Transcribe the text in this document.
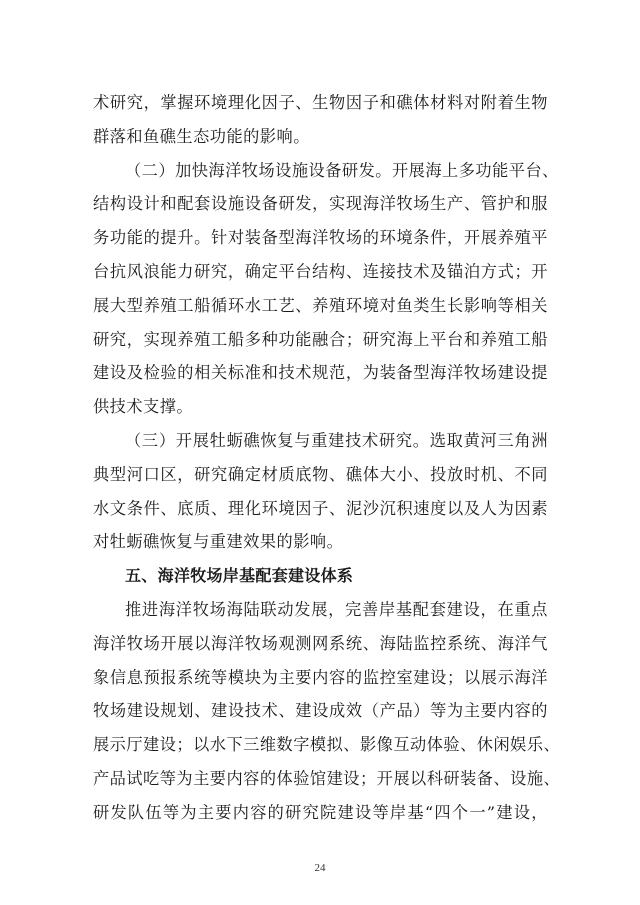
术研究，掌握环境理化因子、生物因子和礁体材料对附着生物
群落和鱼礁生态功能的影响。
（二）加快海洋牧场设施设备研发。开展海上多功能平台、
结构设计和配套设施设备研发，实现海洋牧场生产、管护和服
务功能的提升。针对装备型海洋牧场的环境条件，开展养殖平
台抗风浪能力研究，确定平台结构、连接技术及锚泊方式；开
展大型养殖工船循环水工艺、养殖环境对鱼类生长影响等相关
研究，实现养殖工船多种功能融合；研究海上平台和养殖工船
建设及检验的相关标准和技术规范，为装备型海洋牧场建设提
供技术支撑。
（三）开展牡蛎礁恢复与重建技术研究。选取黄河三角洲
典型河口区，研究确定材质底物、礁体大小、投放时机、不同
水文条件、底质、理化环境因子、泥沙沉积速度以及人为因素
对牡蛎礁恢复与重建效果的影响。
五、海洋牧场岸基配套建设体系
推进海洋牧场海陆联动发展，完善岸基配套建设，在重点
海洋牧场开展以海洋牧场观测网系统、海陆监控系统、海洋气
象信息预报系统等模块为主要内容的监控室建设；以展示海洋
牧场建设规划、建设技术、建设成效（产品）等为主要内容的
展示厅建设；以水下三维数字模拟、影像互动体验、休闲娱乐、
产品试吃等为主要内容的体验馆建设；开展以科研装备、设施、
研发队伍等为主要内容的研究院建设等岸基“四个一”建设，
24
